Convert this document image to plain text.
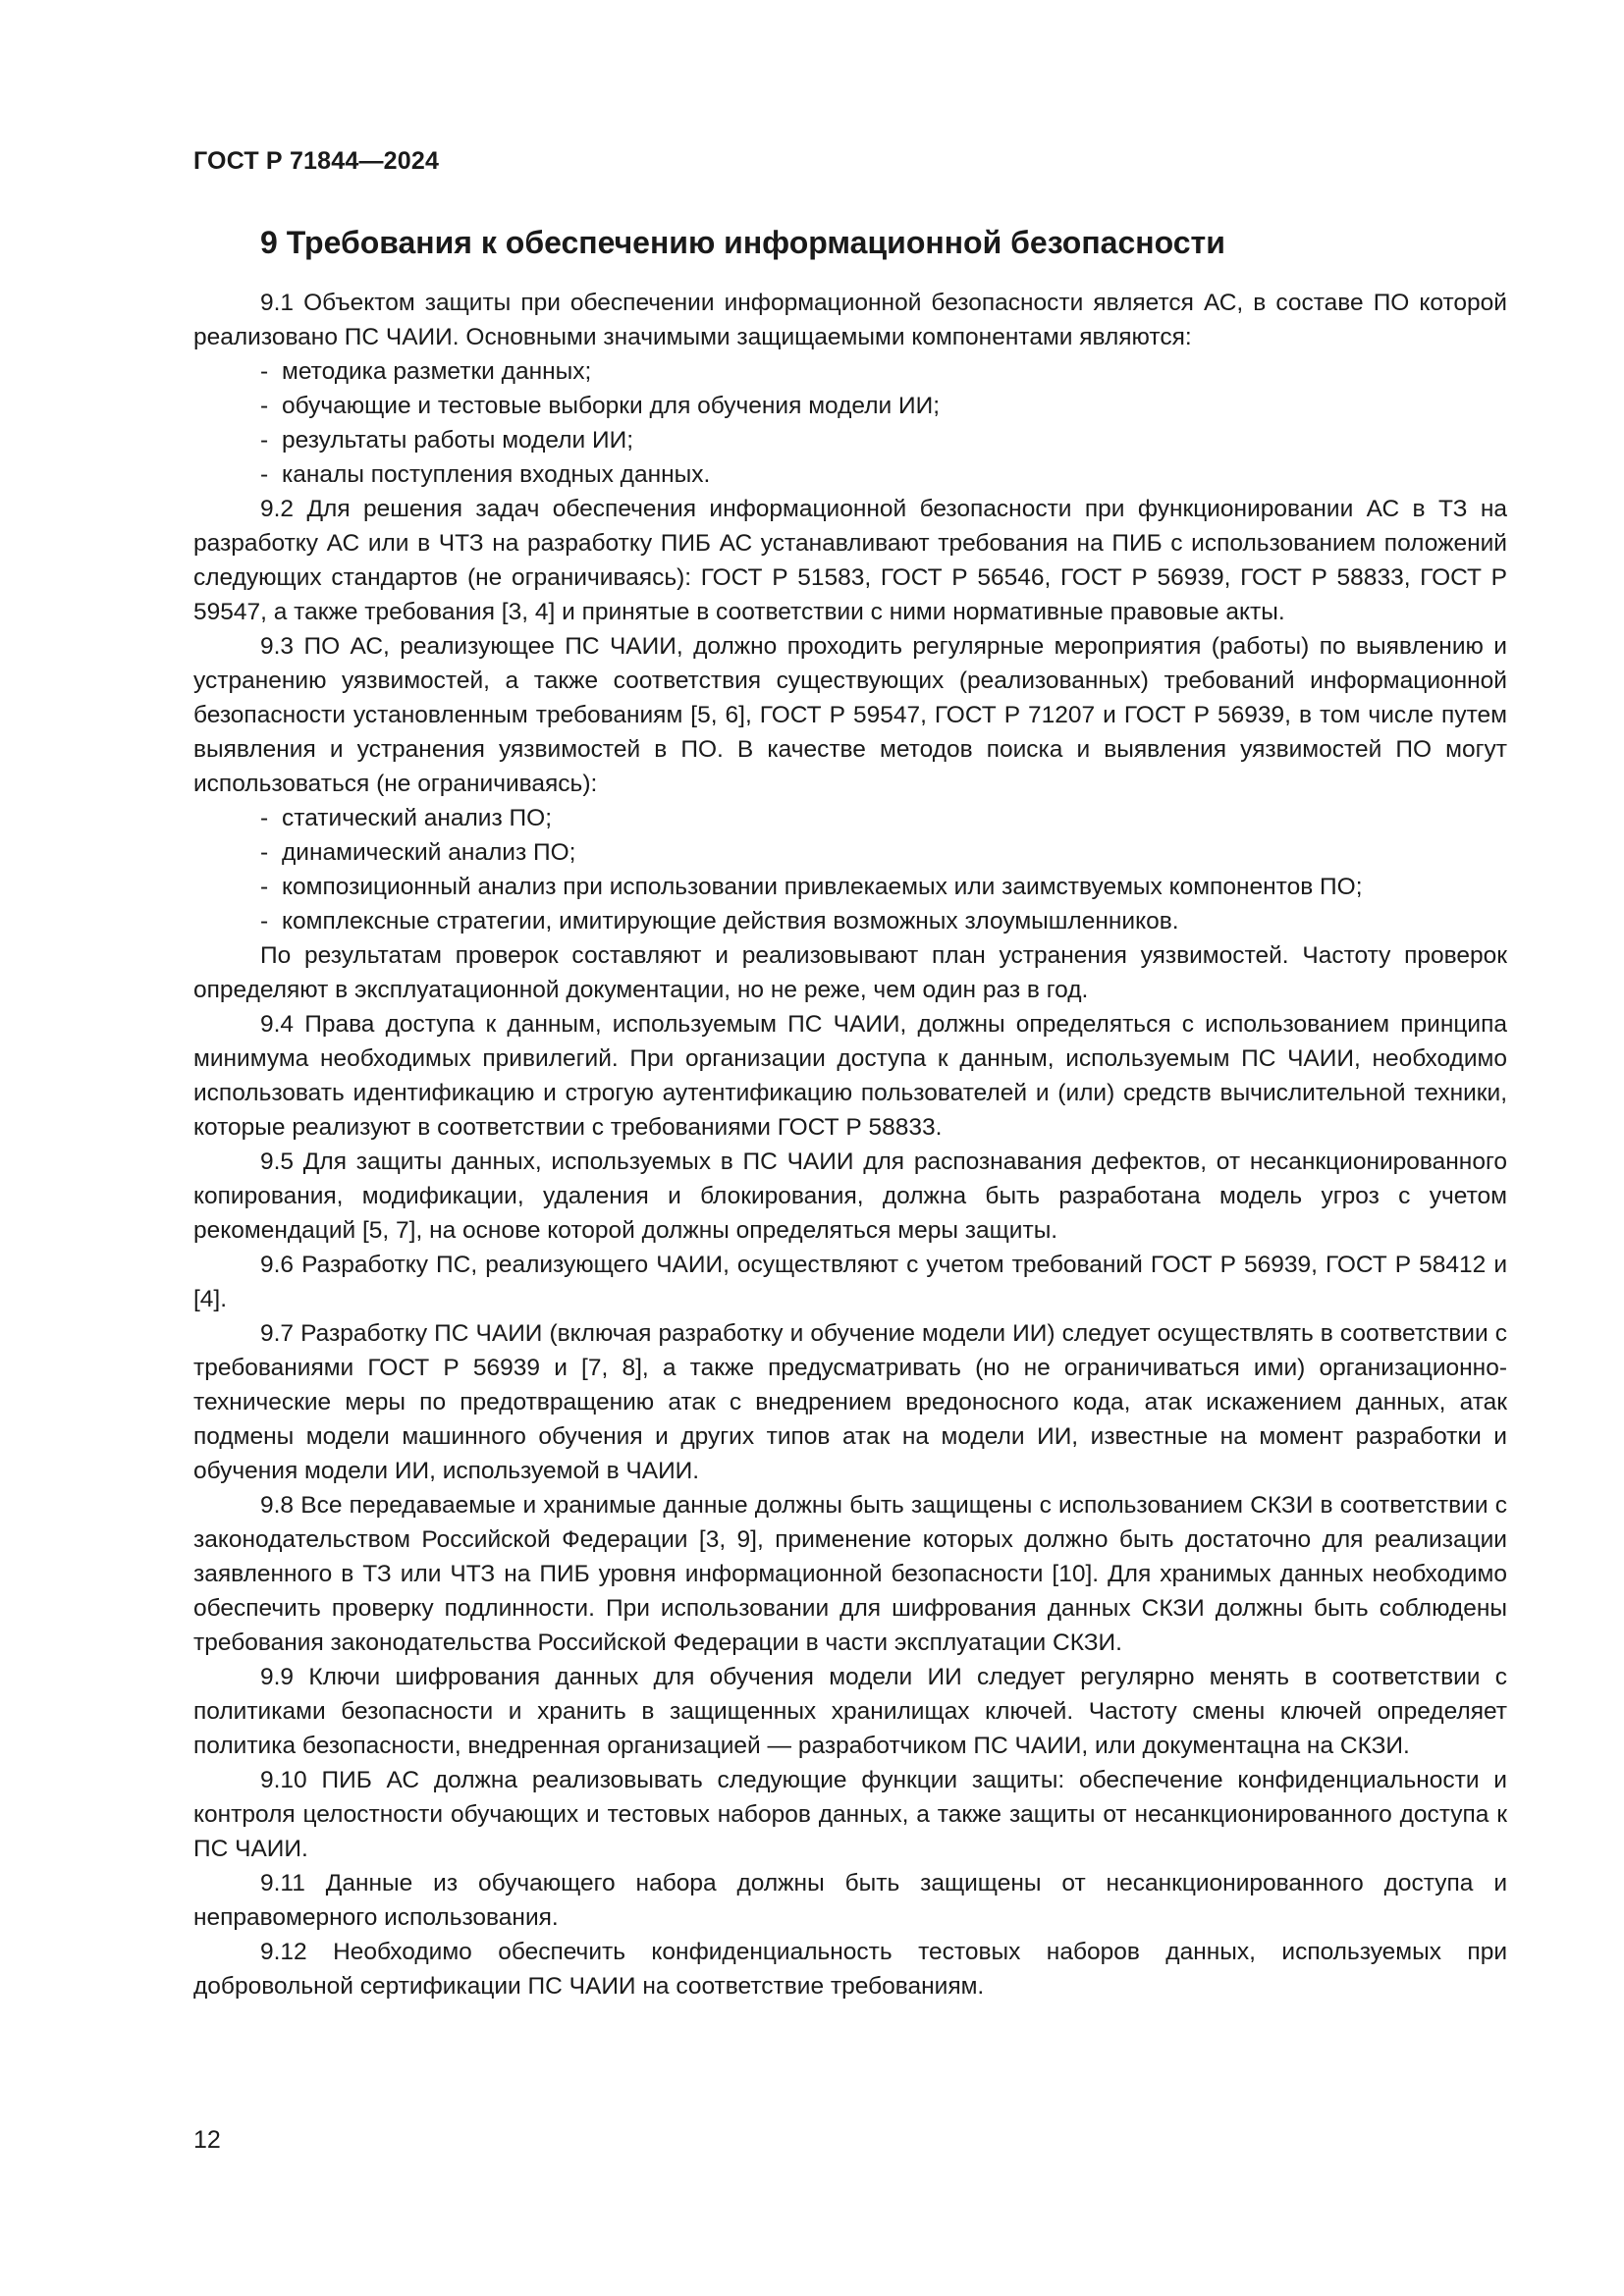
ГОСТ Р 71844—2024
9 Требования к обеспечению информационной безопасности

9.1 Объектом защиты при обеспечении информационной безопасности является АС, в составе ПО которой реализовано ПС ЧАИИ. Основными значимыми защищаемыми компонентами являются:

- методика разметки данных;
- обучающие и тестовые выборки для обучения модели ИИ;
- результаты работы модели ИИ;
- каналы поступления входных данных.

9.2 Для решения задач обеспечения информационной безопасности при функционировании АС в ТЗ на разработку АС или в ЧТЗ на разработку ПИБ АС устанавливают требования на ПИБ с использованием положений следующих стандартов (не ограничиваясь): ГОСТ Р 51583, ГОСТ Р 56546, ГОСТ Р 56939, ГОСТ Р 58833, ГОСТ Р 59547, а также требования [3, 4] и принятые в соответствии с ними нормативные правовые акты.

9.3 ПО АС, реализующее ПС ЧАИИ, должно проходить регулярные мероприятия (работы) по выявлению и устранению уязвимостей, а также соответствия существующих (реализованных) требований информационной безопасности установленным требованиям [5, 6], ГОСТ Р 59547, ГОСТ Р 71207 и ГОСТ Р 56939, в том числе путем выявления и устранения уязвимостей в ПО. В качестве методов поиска и выявления уязвимостей ПО могут использоваться (не ограничиваясь):

- статический анализ ПО;
- динамический анализ ПО;
- композиционный анализ при использовании привлекаемых или заимствуемых компонентов ПО;
- комплексные стратегии, имитирующие действия возможных злоумышленников.

По результатам проверок составляют и реализовывают план устранения уязвимостей. Частоту проверок определяют в эксплуатационной документации, но не реже, чем один раз в год.

9.4 Права доступа к данным, используемым ПС ЧАИИ, должны определяться с использованием принципа минимума необходимых привилегий. При организации доступа к данным, используемым ПС ЧАИИ, необходимо использовать идентификацию и строгую аутентификацию пользователей и (или) средств вычислительной техники, которые реализуют в соответствии с требованиями ГОСТ Р 58833.

9.5 Для защиты данных, используемых в ПС ЧАИИ для распознавания дефектов, от несанкционированного копирования, модификации, удаления и блокирования, должна быть разработана модель угроз с учетом рекомендаций [5, 7], на основе которой должны определяться меры защиты.

9.6 Разработку ПС, реализующего ЧАИИ, осуществляют с учетом требований ГОСТ Р 56939, ГОСТ Р 58412 и [4].

9.7 Разработку ПС ЧАИИ (включая разработку и обучение модели ИИ) следует осуществлять в соответствии с требованиями ГОСТ Р 56939 и [7, 8], а также предусматривать (но не ограничиваться ими) организационно-технические меры по предотвращению атак с внедрением вредоносного кода, атак искажением данных, атак подмены модели машинного обучения и других типов атак на модели ИИ, известные на момент разработки и обучения модели ИИ, используемой в ЧАИИ.

9.8 Все передаваемые и хранимые данные должны быть защищены с использованием СКЗИ в соответствии с законодательством Российской Федерации [3, 9], применение которых должно быть достаточно для реализации заявленного в ТЗ или ЧТЗ на ПИБ уровня информационной безопасности [10]. Для хранимых данных необходимо обеспечить проверку подлинности. При использовании для шифрования данных СКЗИ должны быть соблюдены требования законодательства Российской Федерации в части эксплуатации СКЗИ.

9.9 Ключи шифрования данных для обучения модели ИИ следует регулярно менять в соответствии с политиками безопасности и хранить в защищенных хранилищах ключей. Частоту смены ключей определяет политика безопасности, внедренная организацией — разработчиком ПС ЧАИИ, или документацна на СКЗИ.

9.10 ПИБ АС должна реализовывать следующие функции защиты: обеспечение конфиденциальности и контроля целостности обучающих и тестовых наборов данных, а также защиты от несанкционированного доступа к ПС ЧАИИ.

9.11 Данные из обучающего набора должны быть защищены от несанкционированного доступа и неправомерного использования.

9.12 Необходимо обеспечить конфиденциальность тестовых наборов данных, используемых при добровольной сертификации ПС ЧАИИ на соответствие требованиям.

12
